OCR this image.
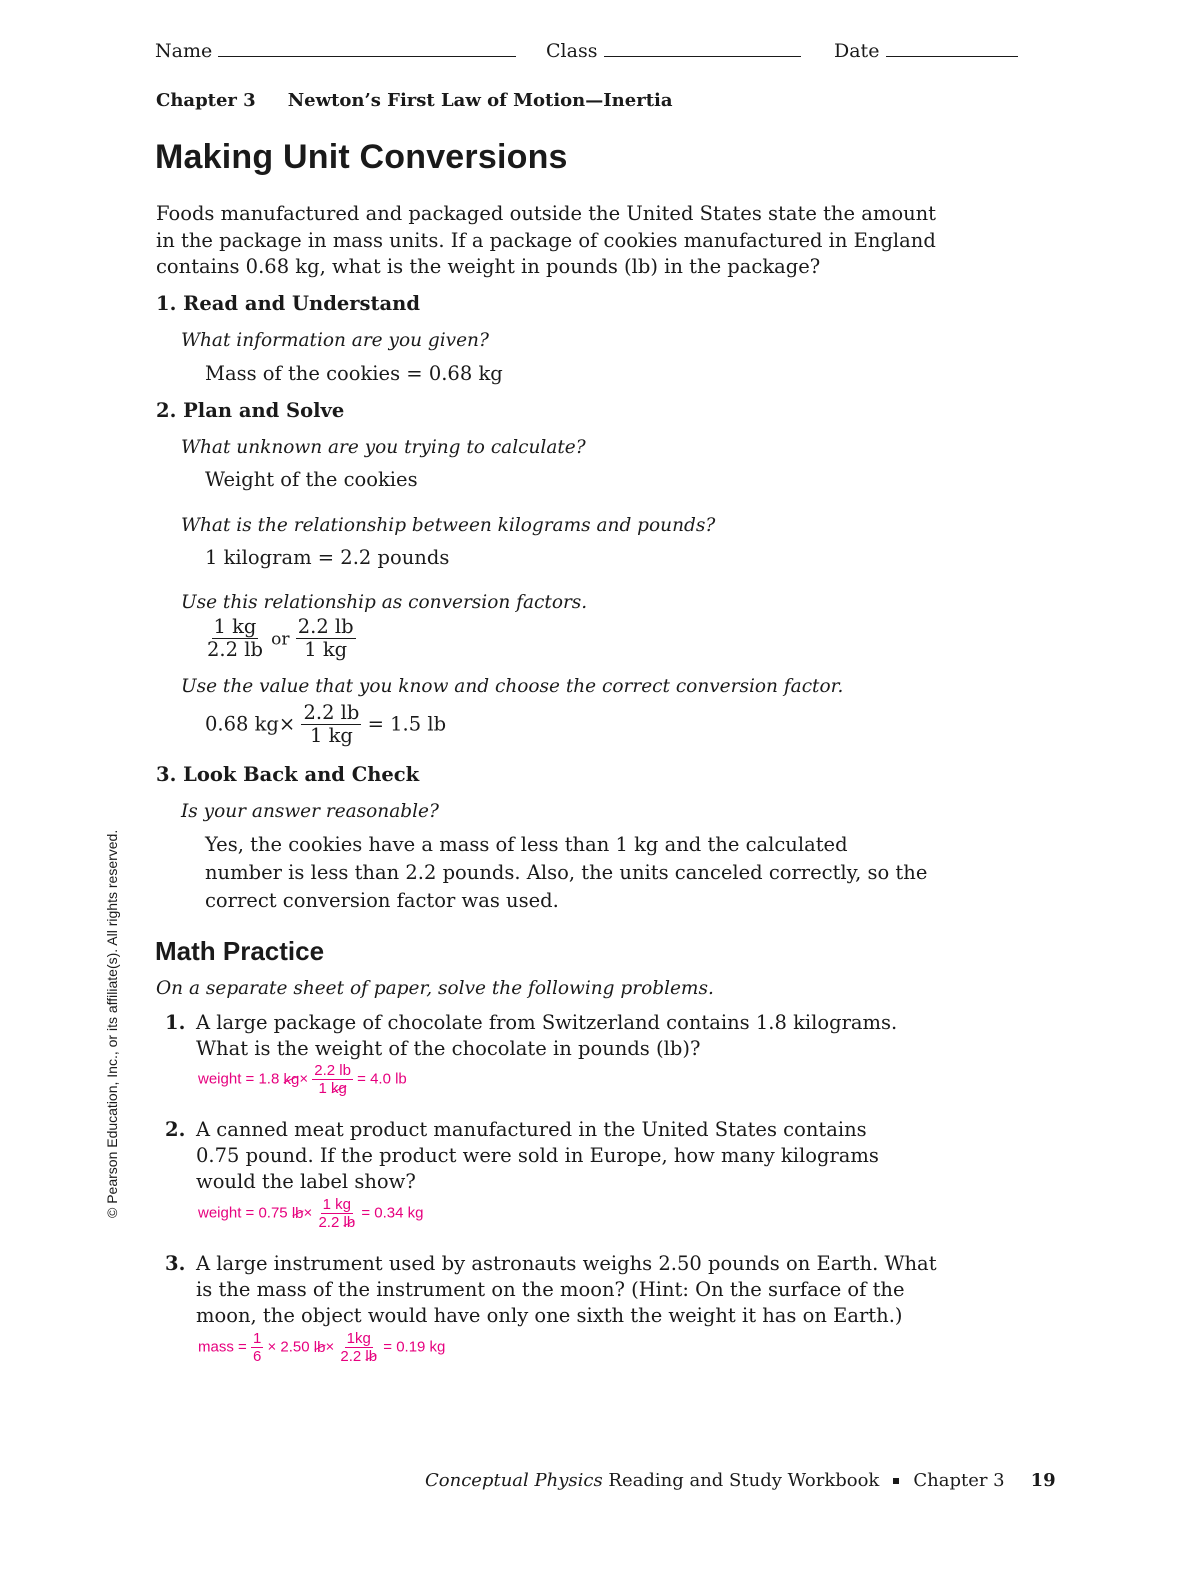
Name	Class	Date
Chapter 3 Newton’s First Law of Motion—Inertia
Making Unit Conversions
Foods manufactured and packaged outside the United States state the amount in the package in mass units. If a package of cookies manufactured in England contains 0.68 kg, what is the weight in pounds (lb) in the package?
1. Read and Understand
What information are you given?
Mass of the cookies = 0.68 kg
2. Plan and Solve
What unknown are you trying to calculate?
Weight of the cookies
What is the relationship between kilograms and pounds?
1 kilogram = 2.2 pounds
Use this relationship as conversion factors.
$\frac{1 kg}{2.2 lb}$ or $\frac{2.2 lb}{1 kg}$
Use the value that you know and choose the correct conversion factor.
0.68 $kg\times \frac{2.2 lb}{1 kg} = 1.5$ lb
3. Look Back and Check
Is your answer reasonable?
Yes, the cookies have a mass of less than 1 kg and the calculated
number is less than 2.2 pounds. Also, the units canceled correctly, so the
correct conversion factor was used.
Math Practice
On a separate sheet of paper, solve the following problems.
1. A large package of chocolate from Switzerland contains 1.8 kilograms.
What is the weight of the chocolate in pounds (lb)?
weight = 1.8 $kg\times \frac{2.2 lb}{1 kg} = 4.0$ lb
2. A canned meat product manufactured in the United States contains
0.75 pound. If the product were sold in Europe, how many kilograms
would the label show?
weight = 0.75 $lb\times \frac{1 kg}{2.2 lb} = 0.34$ kg
3. A large instrument used by astronauts weighs 2.50 pounds on Earth. What
is the mass of the instrument on the moon? (Hint: On the surface of the
moon, the object would have only one sixth the weight it has on Earth.)
mass = $\frac{1}{6} \times 2.50$ $lb\times \frac{1kg}{2.2 lb} = 0.19$ kg
© Pearson Education, Inc., or its affiliate(s). All rights reserved.
Conceptual Physics Reading and Study Workbook Chapter 3 19
